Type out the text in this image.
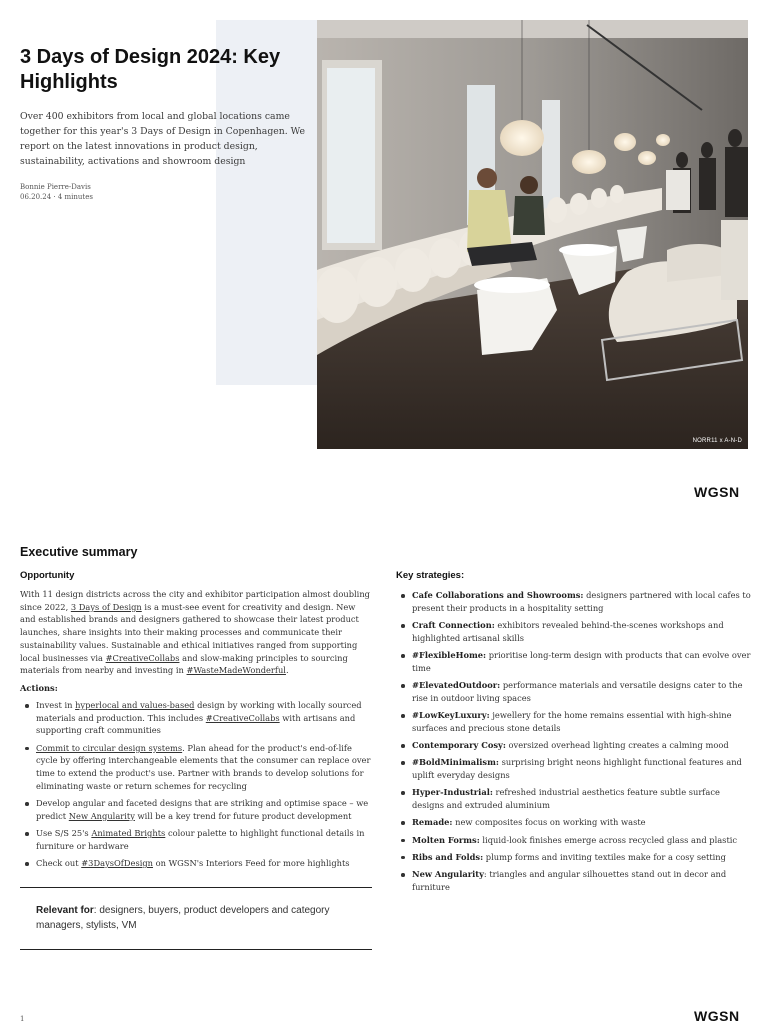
NORR11 x A-N-D
3 Days of Design 2024: Key Highlights

Over 400 exhibitors from local and global locations came together for this year's 3 Days of Design in Copenhagen. We report on the latest innovations in product design, sustainability, activations and showroom design

Bonnie Pierre-Davis
06.20.24 · 4 minutes
WGSN
Executive summary
Opportunity

With 11 design districts across the city and exhibitor participation almost doubling since 2022, 3 Days of Design is a must-see event for creativity and design. New and established brands and designers gathered to showcase their latest product launches, share insights into their making processes and communicate their sustainability values. Sustainable and ethical initiatives ranged from supporting local businesses via #CreativeCollabs and slow-making principles to sourcing materials from nearby and investing in #WasteMadeWonderful.

Actions:
Invest in hyperlocal and values-based design by working with locally sourced materials and production. This includes #CreativeCollabs with artisans and supporting craft communities
Commit to circular design systems. Plan ahead for the product's end-of-life cycle by offering interchangeable elements that the consumer can replace over time to extend the product's use. Partner with brands to develop solutions for eliminating waste or return schemes for recycling
Develop angular and faceted designs that are striking and optimise space – we predict New Angularity will be a key trend for future product development
Use S/S 25's Animated Brights colour palette to highlight functional details in furniture or hardware
Check out #3DaysOfDesign on WGSN's Interiors Feed for more highlights

Relevant for: designers, buyers, product developers and category managers, stylists, VM

Key strategies:
Cafe Collaborations and Showrooms: designers partnered with local cafes to present their products in a hospitality setting
Craft Connection: exhibitors revealed behind-the-scenes workshops and highlighted artisanal skills
#FlexibleHome: prioritise long-term design with products that can evolve over time
#ElevatedOutdoor: performance materials and versatile designs cater to the rise in outdoor living spaces
#LowKeyLuxury: jewellery for the home remains essential with high-shine surfaces and precious stone details
Contemporary Cosy: oversized overhead lighting creates a calming mood
#BoldMinimalism: surprising bright neons highlight functional features and uplift everyday designs
Hyper-Industrial: refreshed industrial aesthetics feature subtle surface designs and extruded aluminium
Remade: new composites focus on working with waste
Molten Forms: liquid-look finishes emerge across recycled glass and plastic
Ribs and Folds: plump forms and inviting textiles make for a cosy setting
New Angularity: triangles and angular silhouettes stand out in decor and furniture
1	WGSN
